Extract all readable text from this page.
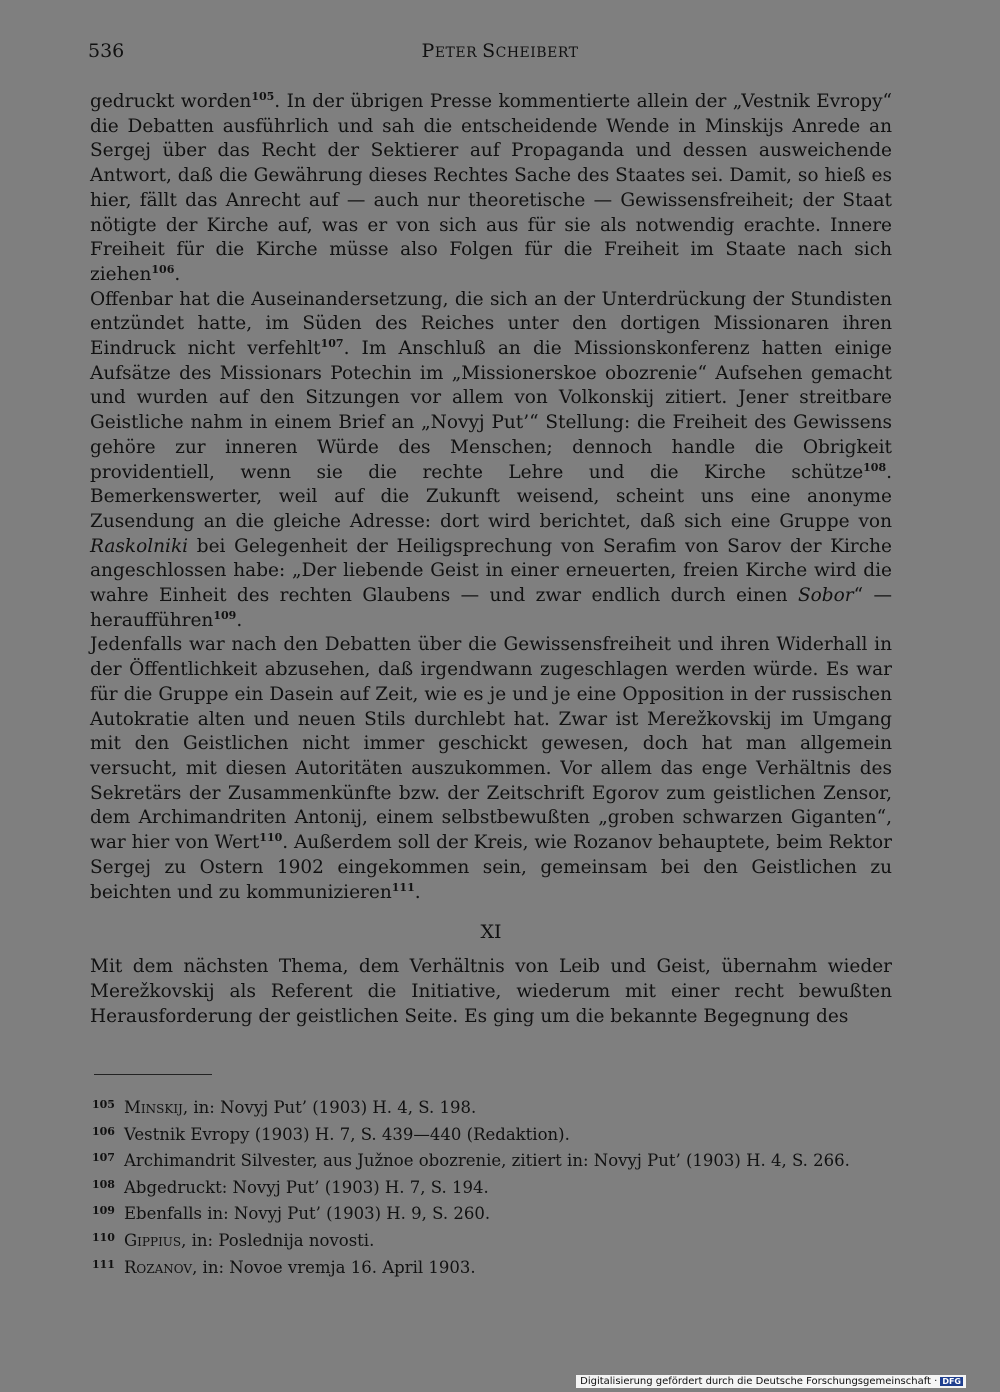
536	PETER SCHEIBERT

gedruckt worden$^{105}$. In der übrigen Presse kommentierte allein der „Vestnik Evropy“ die Debatten ausführlich und sah die entscheidende Wende in Minskijs Anrede an Sergej über das Recht der Sektierer auf Propaganda und dessen ausweichende Antwort, daß die Gewährung dieses Rechtes Sache des Staates sei. Damit, so hieß es hier, fällt das Anrecht auf — auch nur theoretische — Gewissensfreiheit; der Staat nötigte der Kirche auf, was er von sich aus für sie als notwendig erachte. Innere Freiheit für die Kirche müsse also Folgen für die Freiheit im Staate nach sich ziehen$^{106}$.

Offenbar hat die Auseinandersetzung, die sich an der Unterdrückung der Stundisten entzündet hatte, im Süden des Reiches unter den dortigen Missionaren ihren Eindruck nicht verfehlt$^{107}$. Im Anschluß an die Missionskonferenz hatten einige Aufsätze des Missionars Potechin im „Missionerskoe obozrenie“ Aufsehen gemacht und wurden auf den Sitzungen vor allem von Volkonskij zitiert. Jener streitbare Geistliche nahm in einem Brief an „Novyj Put’“ Stellung: die Freiheit des Gewissens gehöre zur inneren Würde des Menschen; dennoch handle die Obrigkeit providentiell, wenn sie die rechte Lehre und die Kirche schütze$^{108}$. Bemerkenswerter, weil auf die Zukunft weisend, scheint uns eine anonyme Zusendung an die gleiche Adresse: dort wird berichtet, daß sich eine Gruppe von Raskolniki bei Gelegenheit der Heiligsprechung von Serafim von Sarov der Kirche angeschlossen habe: „Der liebende Geist in einer erneuerten, freien Kirche wird die wahre Einheit des rechten Glaubens — und zwar endlich durch einen Sobor“ — heraufführen$^{109}$.

Jedenfalls war nach den Debatten über die Gewissensfreiheit und ihren Widerhall in der Öffentlichkeit abzusehen, daß irgendwann zugeschlagen werden würde. Es war für die Gruppe ein Dasein auf Zeit, wie es je und je eine Opposition in der russischen Autokratie alten und neuen Stils durchlebt hat. Zwar ist Merežkovskij im Umgang mit den Geistlichen nicht immer geschickt gewesen, doch hat man allgemein versucht, mit diesen Autoritäten auszukommen. Vor allem das enge Verhältnis des Sekretärs der Zusammenkünfte bzw. der Zeitschrift Egorov zum geistlichen Zensor, dem Archimandriten Antonij, einem selbstbewußten „groben schwarzen Giganten“, war hier von Wert$^{110}$. Außerdem soll der Kreis, wie Rozanov behauptete, beim Rektor Sergej zu Ostern 1902 eingekommen sein, gemeinsam bei den Geistlichen zu beichten und zu kommunizieren$^{111}$.

XI

Mit dem nächsten Thema, dem Verhältnis von Leib und Geist, übernahm wieder Merežkovskij als Referent die Initiative, wiederum mit einer recht bewußten Herausforderung der geistlichen Seite. Es ging um die bekannte Begegnung des

105 Minskij, in: Novyj Put’ (1903) H. 4, S. 198.
106 Vestnik Evropy (1903) H. 7, S. 439—440 (Redaktion).
107 Archimandrit Silvester, aus Južnoe obozrenie, zitiert in: Novyj Put’ (1903) H. 4, S. 266.
108 Abgedruckt: Novyj Put’ (1903) H. 7, S. 194.
109 Ebenfalls in: Novyj Put’ (1903) H. 9, S. 260.
110 Gippius, in: Poslednija novosti.
111 Rozanov, in: Novoe vremja 16. April 1903.
Digitalisierung gefördert durch die Deutsche Forschungsgemeinschaft · DFG
